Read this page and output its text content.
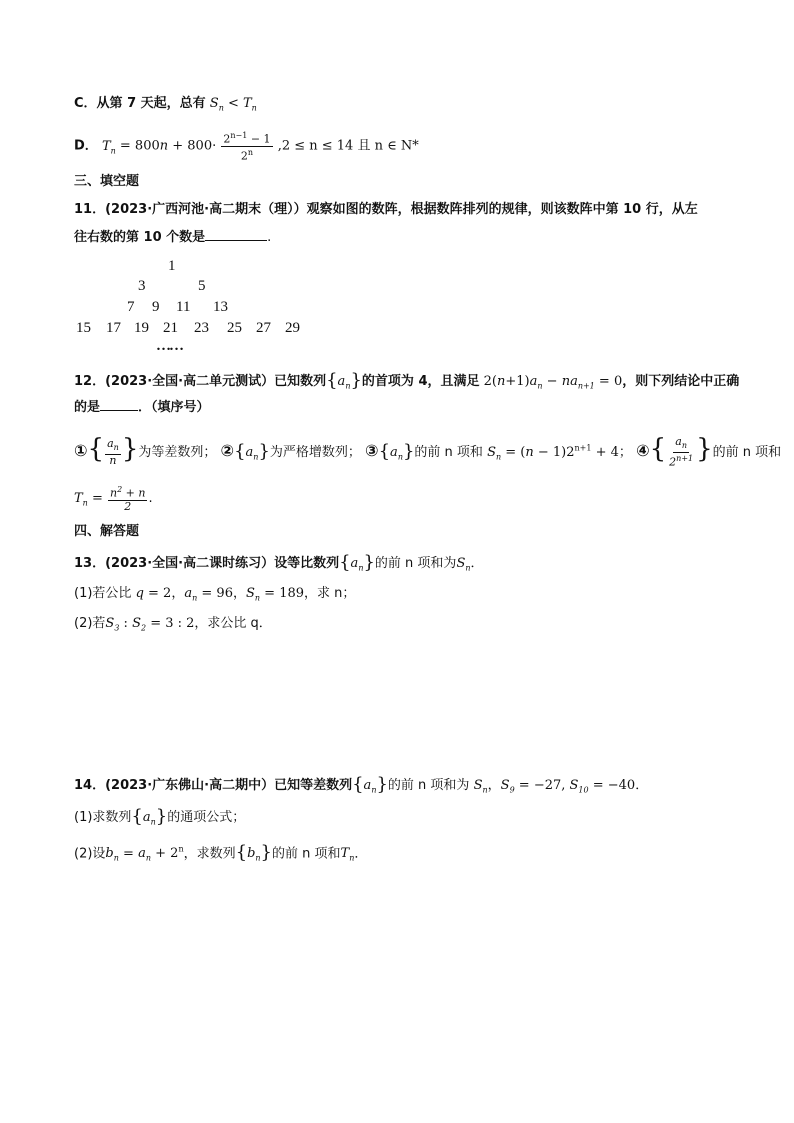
C．从第 7 天起，总有 $S_n < T_n$
D． $T_n = 800n + 800\cdot \frac{2^{n-1} - 1}{2^n} ,2 \le n \le 14$ 且 n ∈ N*
三、填空题
11．(2023·广西河池·高二期末（理））观察如图的数阵，根据数阵排列的规律，则该数阵中第 10 行，从左
往右数的第 10 个数是	.
1
3	5
7 9 11 13
15 17 19 21 23 25 27 29
……
12．(2023·全国·高二单元测试）已知数列$\{a_n\}$的首项为 4，且满足 $2(n+1)a_n - na_{n+1} = 0$，则下列结论中正确
的是	．（填序号）
①{ $\frac{a_n}{n}$ }为等差数列； $②\{a_n\}$为严格增数列； $③\{a_n\}$的前 n 项和 $S_n = (n - 1)2^{n+1} + 4$； ④{ $\frac{a_n}{2^{n+1}}$ }的前 n 项和
$T_n = \frac{n^2 + n}{2}$ .
四、解答题
13．(2023·全国·高二课时练习）设等比数列$\{a_n\}$的前 n 项和为$S_n$．
(1)若公比 q = 2，$a_n = 96$，$S_n = 189$，求 n；
(2)若$S_3$ : $S_2 = 3$ : 2，求公比 q．
14．(2023·广东佛山·高二期中）已知等差数列$\{a_n\}$的前 n 项和为 $S_n$，$S_9 = -27$, $S_{10} = -40$．
(1)求数列$\{a_n\}$的通项公式；
(2)设$b_n = a_n + 2^n$，求数列$\{b_n\}$的前 n 项和$T_n$．
